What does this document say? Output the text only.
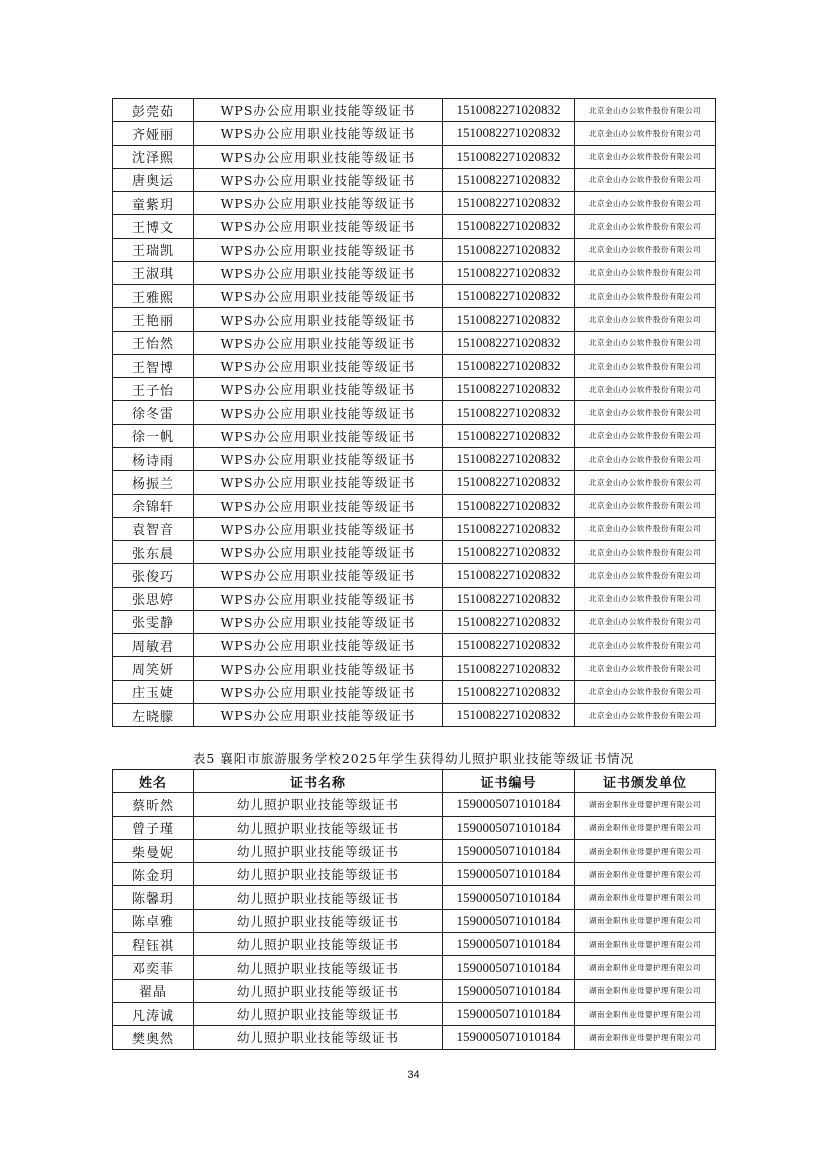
彭莞茹	WPS办公应用职业技能等级证书	1510082271020832	北京金山办公软件股份有限公司
齐娅丽	WPS办公应用职业技能等级证书	1510082271020832	北京金山办公软件股份有限公司
沈泽熙	WPS办公应用职业技能等级证书	1510082271020832	北京金山办公软件股份有限公司
唐奥运	WPS办公应用职业技能等级证书	1510082271020832	北京金山办公软件股份有限公司
童紫玥	WPS办公应用职业技能等级证书	1510082271020832	北京金山办公软件股份有限公司
王博文	WPS办公应用职业技能等级证书	1510082271020832	北京金山办公软件股份有限公司
王瑞凯	WPS办公应用职业技能等级证书	1510082271020832	北京金山办公软件股份有限公司
王淑琪	WPS办公应用职业技能等级证书	1510082271020832	北京金山办公软件股份有限公司
王雅熙	WPS办公应用职业技能等级证书	1510082271020832	北京金山办公软件股份有限公司
王艳丽	WPS办公应用职业技能等级证书	1510082271020832	北京金山办公软件股份有限公司
王怡然	WPS办公应用职业技能等级证书	1510082271020832	北京金山办公软件股份有限公司
王智博	WPS办公应用职业技能等级证书	1510082271020832	北京金山办公软件股份有限公司
王子怡	WPS办公应用职业技能等级证书	1510082271020832	北京金山办公软件股份有限公司
徐冬雷	WPS办公应用职业技能等级证书	1510082271020832	北京金山办公软件股份有限公司
徐一帆	WPS办公应用职业技能等级证书	1510082271020832	北京金山办公软件股份有限公司
杨诗雨	WPS办公应用职业技能等级证书	1510082271020832	北京金山办公软件股份有限公司
杨振兰	WPS办公应用职业技能等级证书	1510082271020832	北京金山办公软件股份有限公司
余锦轩	WPS办公应用职业技能等级证书	1510082271020832	北京金山办公软件股份有限公司
袁智音	WPS办公应用职业技能等级证书	1510082271020832	北京金山办公软件股份有限公司
张东晨	WPS办公应用职业技能等级证书	1510082271020832	北京金山办公软件股份有限公司
张俊巧	WPS办公应用职业技能等级证书	1510082271020832	北京金山办公软件股份有限公司
张思婷	WPS办公应用职业技能等级证书	1510082271020832	北京金山办公软件股份有限公司
张雯静	WPS办公应用职业技能等级证书	1510082271020832	北京金山办公软件股份有限公司
周敏君	WPS办公应用职业技能等级证书	1510082271020832	北京金山办公软件股份有限公司
周笑妍	WPS办公应用职业技能等级证书	1510082271020832	北京金山办公软件股份有限公司
庄玉婕	WPS办公应用职业技能等级证书	1510082271020832	北京金山办公软件股份有限公司
左晓朦	WPS办公应用职业技能等级证书	1510082271020832	北京金山办公软件股份有限公司
表5 襄阳市旅游服务学校2025年学生获得幼儿照护职业技能等级证书情况
姓名	证书名称	证书编号	证书颁发单位
蔡昕然	幼儿照护职业技能等级证书	1590005071010184	湖南金职伟业母婴护理有限公司
曾子瑾	幼儿照护职业技能等级证书	1590005071010184	湖南金职伟业母婴护理有限公司
柴曼妮	幼儿照护职业技能等级证书	1590005071010184	湖南金职伟业母婴护理有限公司
陈金玥	幼儿照护职业技能等级证书	1590005071010184	湖南金职伟业母婴护理有限公司
陈馨玥	幼儿照护职业技能等级证书	1590005071010184	湖南金职伟业母婴护理有限公司
陈卓雅	幼儿照护职业技能等级证书	1590005071010184	湖南金职伟业母婴护理有限公司
程钰祺	幼儿照护职业技能等级证书	1590005071010184	湖南金职伟业母婴护理有限公司
邓奕菲	幼儿照护职业技能等级证书	1590005071010184	湖南金职伟业母婴护理有限公司
翟晶	幼儿照护职业技能等级证书	1590005071010184	湖南金职伟业母婴护理有限公司
凡涛诚	幼儿照护职业技能等级证书	1590005071010184	湖南金职伟业母婴护理有限公司
樊奥然	幼儿照护职业技能等级证书	1590005071010184	湖南金职伟业母婴护理有限公司
34
